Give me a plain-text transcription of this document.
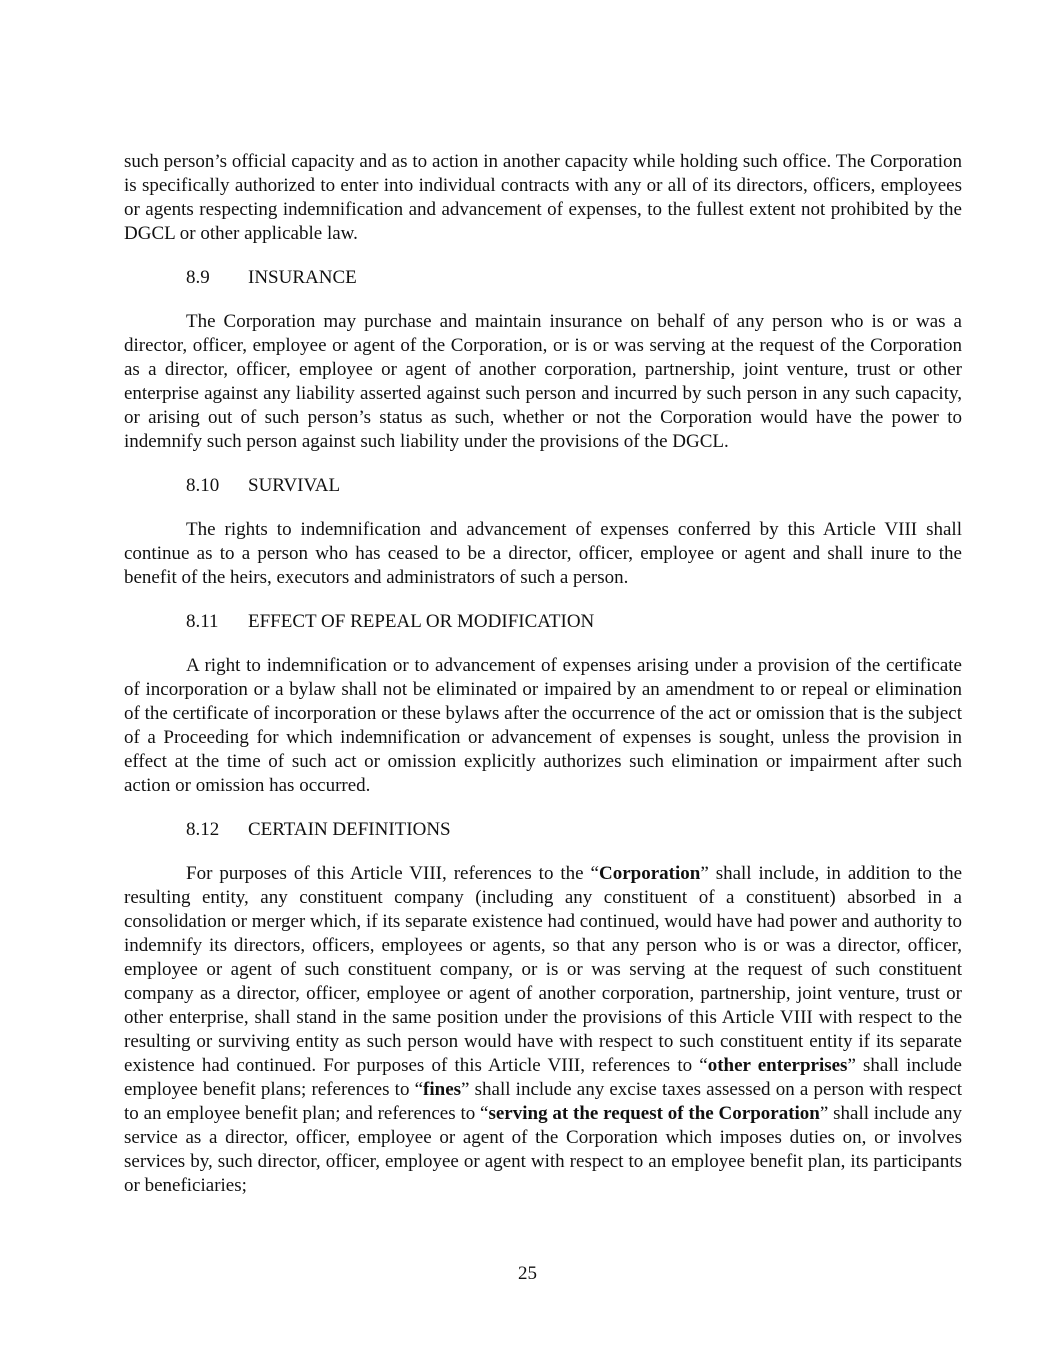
such person’s official capacity and as to action in another capacity while holding such office. The Corporation is specifically authorized to enter into individual contracts with any or all of its directors, officers, employees or agents respecting indemnification and advancement of expenses, to the fullest extent not prohibited by the DGCL or other applicable law.

8.9	INSURANCE

The Corporation may purchase and maintain insurance on behalf of any person who is or was a director, officer, employee or agent of the Corporation, or is or was serving at the request of the Corporation as a director, officer, employee or agent of another corporation, partnership, joint venture, trust or other enterprise against any liability asserted against such person and incurred by such person in any such capacity, or arising out of such person’s status as such, whether or not the Corporation would have the power to indemnify such person against such liability under the provisions of the DGCL.

8.10	SURVIVAL

The rights to indemnification and advancement of expenses conferred by this Article VIII shall continue as to a person who has ceased to be a director, officer, employee or agent and shall inure to the benefit of the heirs, executors and administrators of such a person.

8.11	EFFECT OF REPEAL OR MODIFICATION

A right to indemnification or to advancement of expenses arising under a provision of the certificate of incorporation or a bylaw shall not be eliminated or impaired by an amendment to or repeal or elimination of the certificate of incorporation or these bylaws after the occurrence of the act or omission that is the subject of a Proceeding for which indemnification or advancement of expenses is sought, unless the provision in effect at the time of such act or omission explicitly authorizes such elimination or impairment after such action or omission has occurred.

8.12	CERTAIN DEFINITIONS

For purposes of this Article VIII, references to the “Corporation” shall include, in addition to the resulting entity, any constituent company (including any constituent of a constituent) absorbed in a consolidation or merger which, if its separate existence had continued, would have had power and authority to indemnify its directors, officers, employees or agents, so that any person who is or was a director, officer, employee or agent of such constituent company, or is or was serving at the request of such constituent company as a director, officer, employee or agent of another corporation, partnership, joint venture, trust or other enterprise, shall stand in the same position under the provisions of this Article VIII with respect to the resulting or surviving entity as such person would have with respect to such constituent entity if its separate existence had continued. For purposes of this Article VIII, references to “other enterprises” shall include employee benefit plans; references to “fines” shall include any excise taxes assessed on a person with respect to an employee benefit plan; and references to “serving at the request of the Corporation” shall include any service as a director, officer, employee or agent of the Corporation which imposes duties on, or involves services by, such director, officer, employee or agent with respect to an employee benefit plan, its participants or beneficiaries;

25
